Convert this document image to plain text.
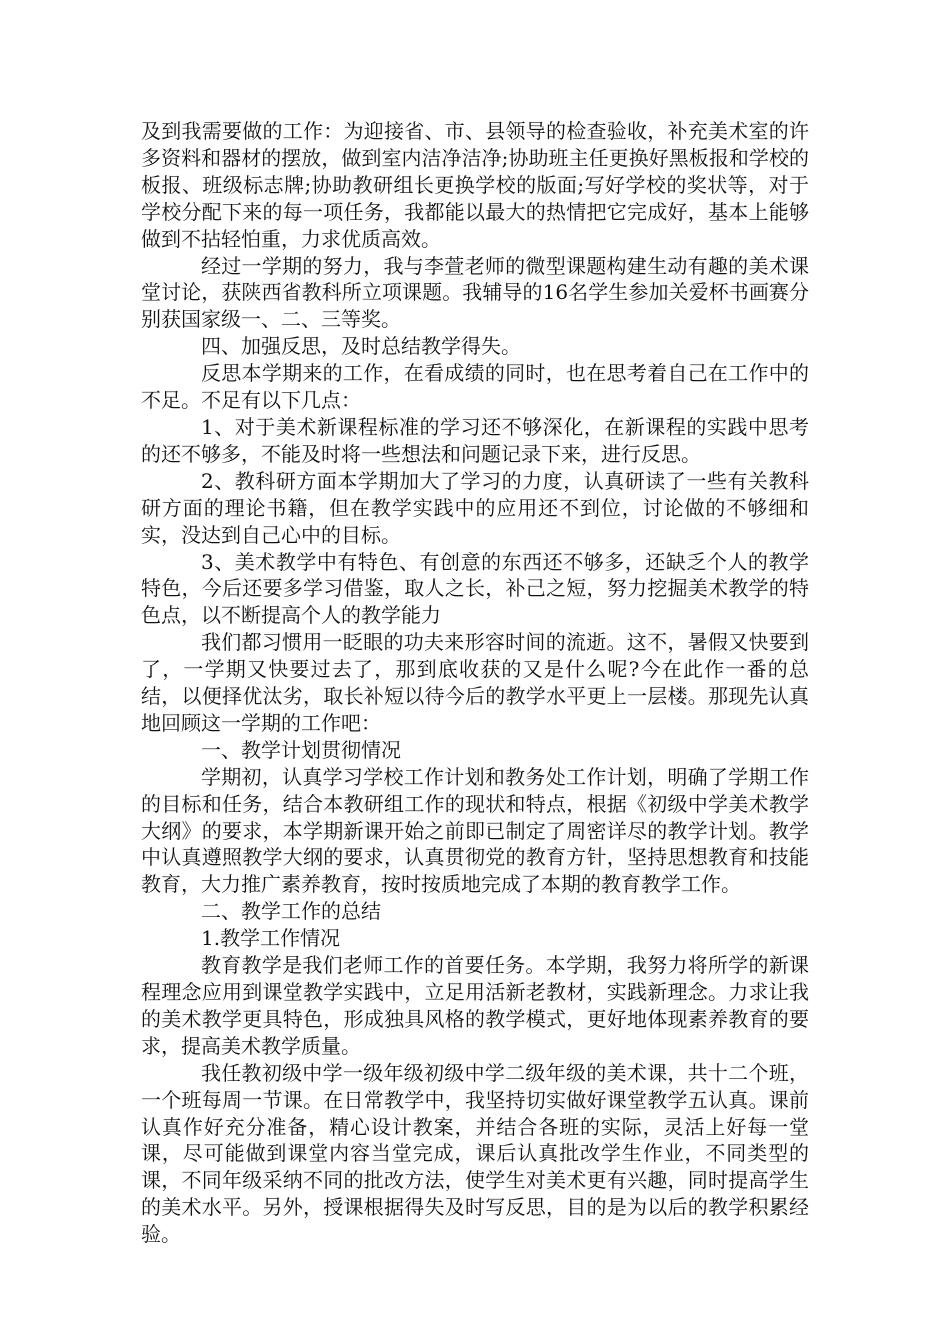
及到我需要做的工作：为迎接省、市、县领导的检查验收，补充美术室的许多资料和器材的摆放，做到室内洁净洁净;协助班主任更换好黑板报和学校的板报、班级标志牌;协助教研组长更换学校的版面;写好学校的奖状等，对于学校分配下来的每一项任务，我都能以最大的热情把它完成好，基本上能够做到不拈轻怕重，力求优质高效。

经过一学期的努力，我与李萱老师的微型课题构建生动有趣的美术课堂讨论，获陕西省教科所立项课题。我辅导的16名学生参加关爱杯书画赛分别获国家级一、二、三等奖。

四、加强反思，及时总结教学得失。

反思本学期来的工作，在看成绩的同时，也在思考着自己在工作中的不足。不足有以下几点：

1、对于美术新课程标准的学习还不够深化，在新课程的实践中思考的还不够多，不能及时将一些想法和问题记录下来，进行反思。

2、教科研方面本学期加大了学习的力度，认真研读了一些有关教科研方面的理论书籍，但在教学实践中的应用还不到位，讨论做的不够细和实，没达到自己心中的目标。

3、美术教学中有特色、有创意的东西还不够多，还缺乏个人的教学特色，今后还要多学习借鉴，取人之长，补己之短，努力挖掘美术教学的特色点，以不断提高个人的教学能力

我们都习惯用一眨眼的功夫来形容时间的流逝。这不，暑假又快要到了，一学期又快要过去了，那到底收获的又是什么呢?今在此作一番的总结，以便择优汰劣，取长补短以待今后的教学水平更上一层楼。那现先认真地回顾这一学期的工作吧：

一、教学计划贯彻情况

学期初，认真学习学校工作计划和教务处工作计划，明确了学期工作的目标和任务，结合本教研组工作的现状和特点，根据《初级中学美术教学大纲》的要求，本学期新课开始之前即已制定了周密详尽的教学计划。教学中认真遵照教学大纲的要求，认真贯彻党的教育方针，坚持思想教育和技能教育，大力推广素养教育，按时按质地完成了本期的教育教学工作。

二、教学工作的总结

1.教学工作情况

教育教学是我们老师工作的首要任务。本学期，我努力将所学的新课程理念应用到课堂教学实践中，立足用活新老教材，实践新理念。力求让我的美术教学更具特色，形成独具风格的教学模式，更好地体现素养教育的要求，提高美术教学质量。

我任教初级中学一级年级初级中学二级年级的美术课，共十二个班，一个班每周一节课。在日常教学中，我坚持切实做好课堂教学五认真。课前认真作好充分准备，精心设计教案，并结合各班的实际，灵活上好每一堂课，尽可能做到课堂内容当堂完成，课后认真批改学生作业，不同类型的课，不同年级采纳不同的批改方法，使学生对美术更有兴趣，同时提高学生的美术水平。另外，授课根据得失及时写反思，目的是为以后的教学积累经验。
